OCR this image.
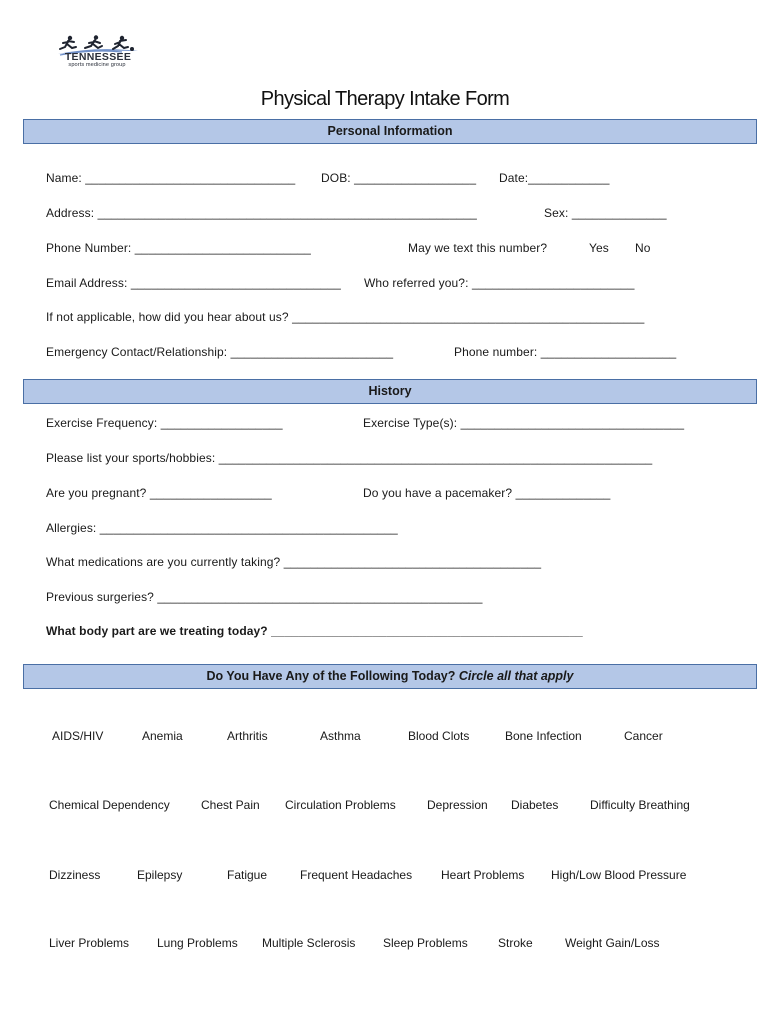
TENNESSEE
sports medicine group
Physical Therapy Intake Form
Personal Information
Name: _______________________________ DOB: __________________ Date:____________
Address: ________________________________________________________	Sex: ______________
Phone Number: __________________________	May we text this number?	Yes No
Email Address: _______________________________ Who referred you?: ________________________
If not applicable, how did you hear about us? ____________________________________________________
Emergency Contact/Relationship: ________________________	Phone number: ____________________
History
Exercise Frequency: __________________	Exercise Type(s): _________________________________
Please list your sports/hobbies: ________________________________________________________________
Are you pregnant? __________________	Do you have a pacemaker? ______________
Allergies: ____________________________________________
What medications are you currently taking? ______________________________________
Previous surgeries? ________________________________________________
What body part are we treating today? ______________________________________________
Do You Have Any of the Following Today? Circle all that apply
AIDS/HIV	Anemia	Arthritis	Asthma	Blood Clots	Bone Infection	Cancer
Chemical Dependency	Chest Pain Circulation Problems	Depression Diabetes	Difficulty Breathing
Dizziness	Epilepsy	Fatigue	Frequent Headaches Heart Problems High/Low Blood Pressure
Liver Problems Lung Problems Multiple Sclerosis Sleep Problems	Stroke	Weight Gain/Loss
